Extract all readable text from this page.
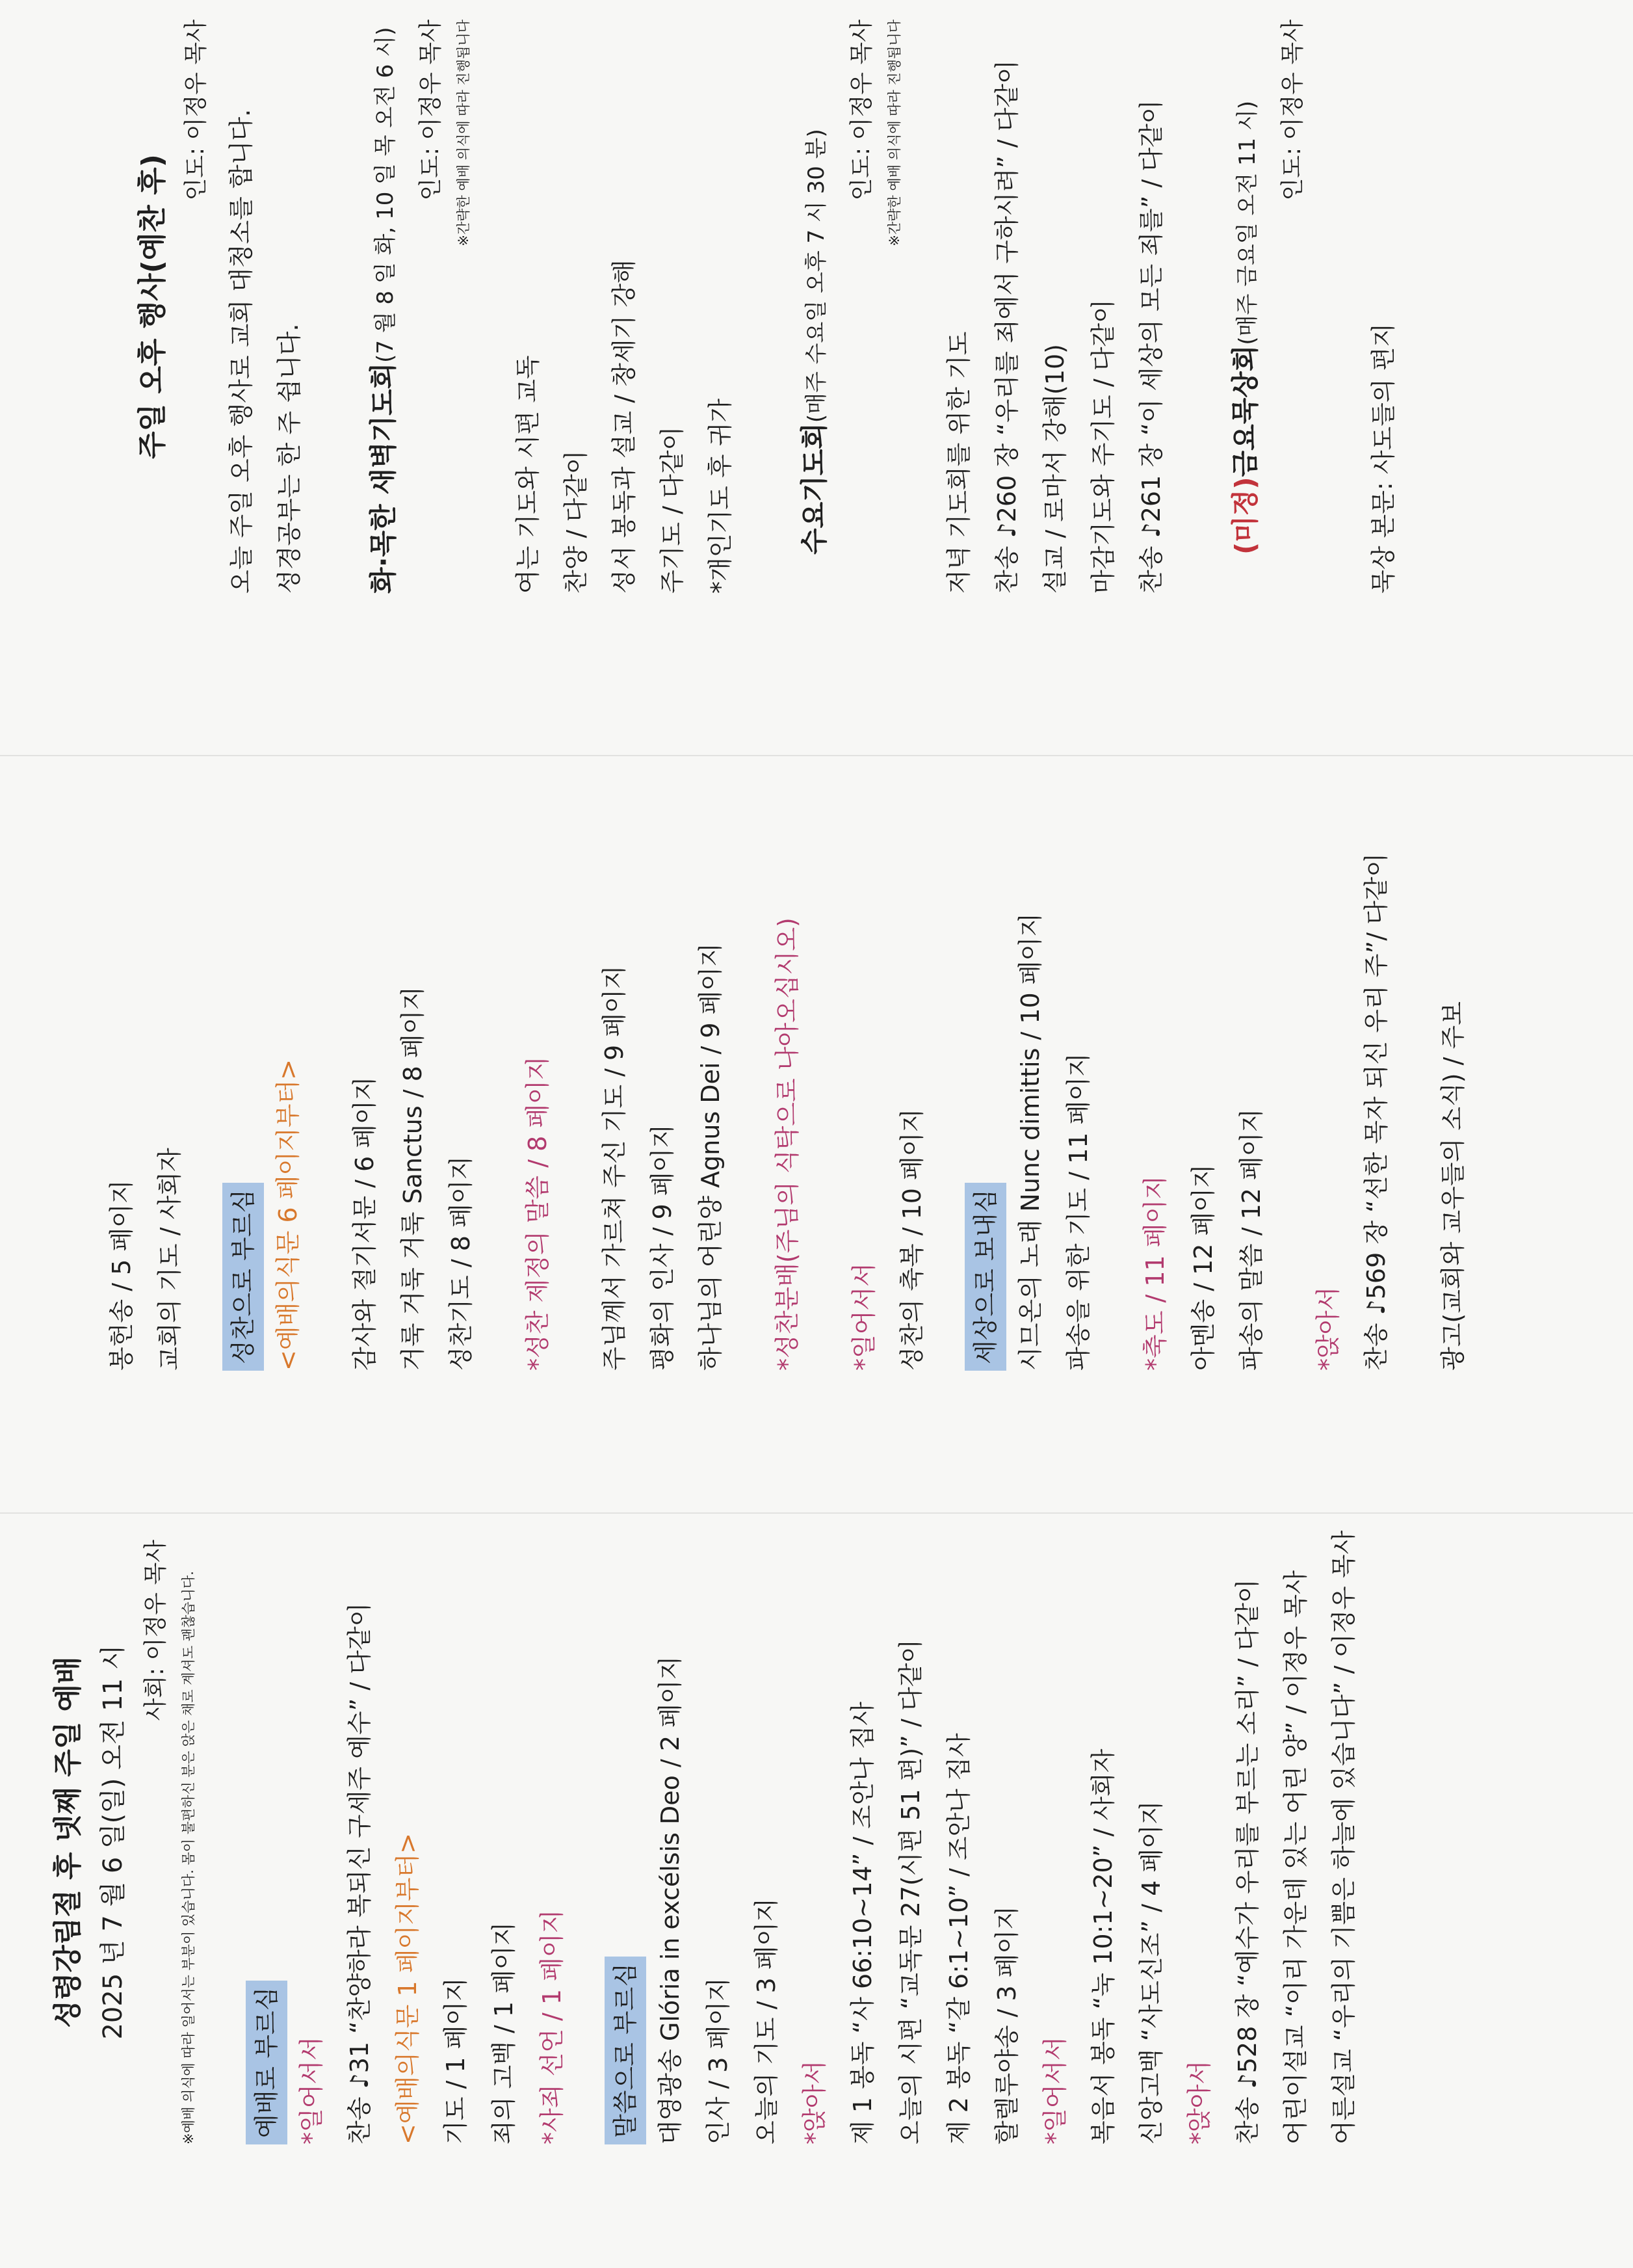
성령강림절 후 넷째 주일 예배 2025 년 7 월 6 일(일) 오전 11 시
사회: 이정우 목사 ※예배 의식에 따라 일어서는 부분이 있습니다. 몸이 불편하신 분은 앉은 채로 계셔도 괜찮습니다. 예배로 부르심 *일어서서 찬송 ♪31 “찬양하라 복되신 구세주 예수” / 다같이 <예배의식문 1 페이지부터> 기도 / 1 페이지 죄의 고백 / 1 페이지 *사죄 선언 / 1 페이지	말씀으로 부르심 대영광송 Glória in excélsis Deo / 2 페이지 인사 / 3 페이지 오늘의 기도 / 3 페이지 *앉아서 제 1 봉독 “사 66:10~14” / 조안나 집사 오늘의 시편 “교독문 27(시편 51 편)” / 다같이 제 2 봉독 “갈 6:1~10” / 조안나 집사 할렐루야송 / 3 페이지 *일어서서 복음서 봉독 “눅 10:1~20” / 사회자 신앙고백 “사도신조” / 4 페이지 *앉아서 찬송 ♪528 장 “예수가 우리를 부르는 소리” / 다같이 어린이설교 “이리 가운데 있는 어린 양” / 이정우 목사 어른설교 “우리의 기쁨은 하늘에 있습니다” / 이정우 목사

봉헌송 / 5 페이지 교회의 기도 / 사회자	성찬으로 부르심 <예배의식문 6 페이지부터>	감사와 절기서문 / 6 페이지 거룩 거룩 거룩 Sanctus / 8 페이지 성찬기도 / 8 페이지	*성찬 제정의 말씀 / 8 페이지	주님께서 가르쳐 주신 기도 / 9 페이지 평화의 인사 / 9 페이지 하나님의 어린양 Agnus Dei / 9 페이지	*성찬분배(주님의 식탁으로 나아오십시오)	*일어서서 성찬의 축복 / 10 페이지	세상으로 보내심 시므온의 노래 Nunc dimittis / 10 페이지 파송을 위한 기도 / 11 페이지	*축도 / 11 페이지 아멘송 / 12 페이지 파송의 말씀 / 12 페이지	*앉아서 찬송 ♪569 장 “선한 목자 되신 우리 주”/ 다같이	광고(교회와 교우들의 소식) / 주보

주일 오후 행사(예찬 후)
인도: 이정우 목사 오늘 주일 오후 행사로 교회 대청소를 합니다. 성경공부는 한 주 쉽니다.	화·목한 새벽기도회(7 월 8 일 화, 10 일 목 오전 6 시) 인도: 이정우 목사 ※간략한 예배 의식에 따라 진행됩니다

여는 기도와 시편 교독 찬양 / 다같이 성서 봉독과 설교 / 창세기 강해 주기도 / 다같이 *개인기도 후 귀가	수요기도회(매주 수요일 오후 7 시 30 분)
인도: 이정우 목사 ※간략한 예배 의식에 따라 진행됩니다

저녁 기도회를 위한 기도 찬송 ♪260 장 “우리를 죄에서 구하시려” / 다같이 설교 / 로마서 강해(10) 마감기도와 주기도 / 다같이 찬송 ♪261 장 “이 세상의 모든 죄를” / 다같이	(미정)금요묵상회(매주 금요일 오전 11 시) 인도: 이정우 목사

묵상 본문: 사도들의 편지
